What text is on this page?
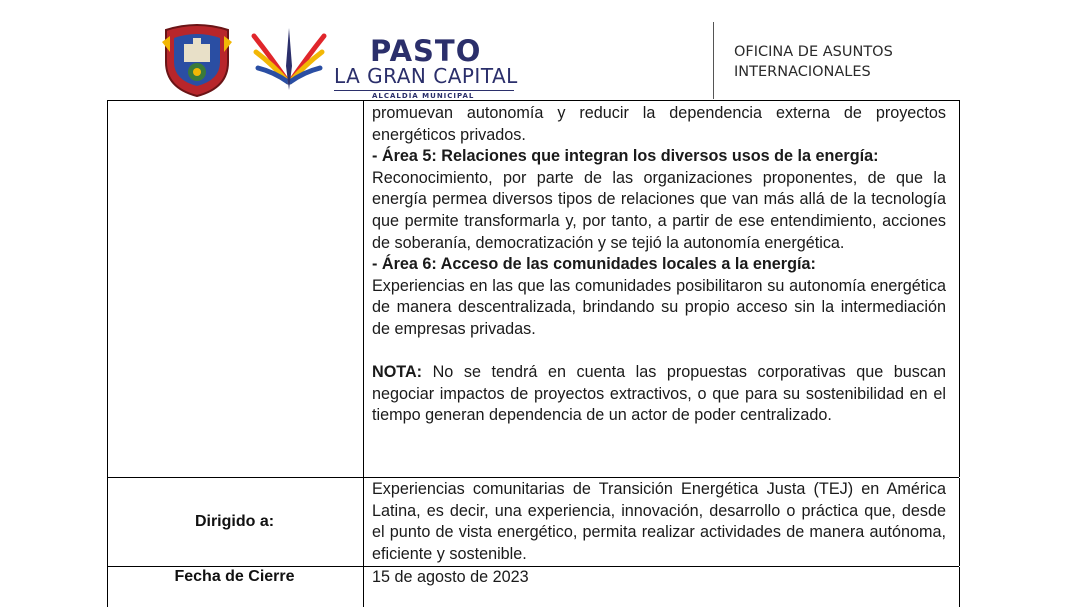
PASTO
LA GRAN CAPITAL
ALCALDÍA MUNICIPAL
OFICINA DE ASUNTOS
INTERNACIONALES

promuevan autonomía y reducir la dependencia externa de proyectos energéticos privados.

- Área 5: Relaciones que integran los diversos usos de la energía:

Reconocimiento, por parte de las organizaciones proponentes, de que la energía permea diversos tipos de relaciones que van más allá de la tecnología que permite transformarla y, por tanto, a partir de ese entendimiento, acciones de soberanía, democratización y se tejió la autonomía energética.

- Área 6: Acceso de las comunidades locales a la energía:

Experiencias en las que las comunidades posibilitaron su autonomía energética de manera descentralizada, brindando su propio acceso sin la intermediación de empresas privadas.

NOTA: No se tendrá en cuenta las propuestas corporativas que buscan negociar impactos de proyectos extractivos, o que para su sostenibilidad en el tiempo generan dependencia de un actor de poder centralizado.

Dirigido a:

Experiencias comunitarias de Transición Energética Justa (TEJ) en América Latina, es decir, una experiencia, innovación, desarrollo o práctica que, desde el punto de vista energético, permita realizar actividades de manera autónoma, eficiente y sostenible.

Fecha de Cierre	15 de agosto de 2023
